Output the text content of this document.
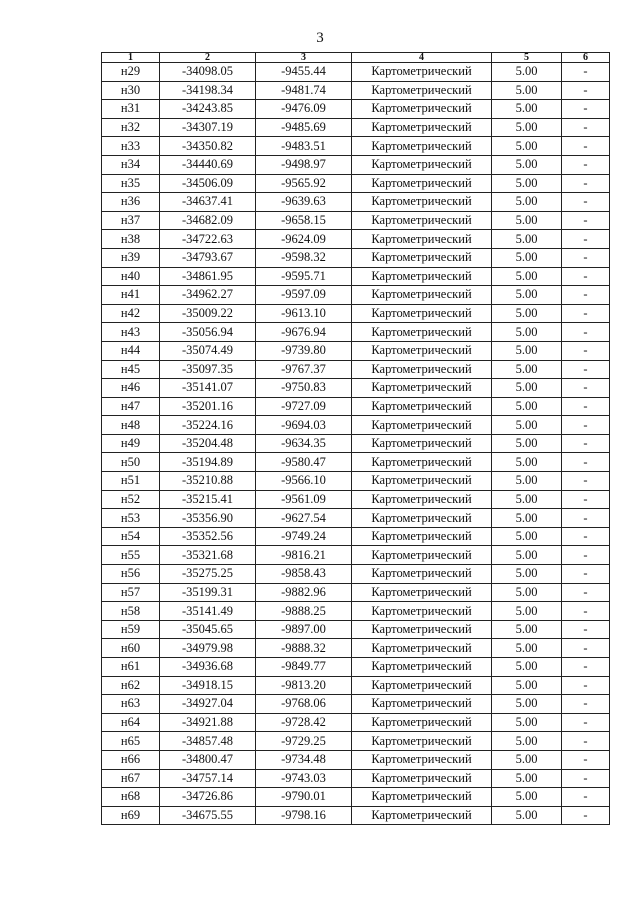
3
1	2	3	4	5	6
н29	-34098.05	-9455.44	Картометрический	5.00	-
н30	-34198.34	-9481.74	Картометрический	5.00	-
н31	-34243.85	-9476.09	Картометрический	5.00	-
н32	-34307.19	-9485.69	Картометрический	5.00	-
н33	-34350.82	-9483.51	Картометрический	5.00	-
н34	-34440.69	-9498.97	Картометрический	5.00	-
н35	-34506.09	-9565.92	Картометрический	5.00	-
н36	-34637.41	-9639.63	Картометрический	5.00	-
н37	-34682.09	-9658.15	Картометрический	5.00	-
н38	-34722.63	-9624.09	Картометрический	5.00	-
н39	-34793.67	-9598.32	Картометрический	5.00	-
н40	-34861.95	-9595.71	Картометрический	5.00	-
н41	-34962.27	-9597.09	Картометрический	5.00	-
н42	-35009.22	-9613.10	Картометрический	5.00	-
н43	-35056.94	-9676.94	Картометрический	5.00	-
н44	-35074.49	-9739.80	Картометрический	5.00	-
н45	-35097.35	-9767.37	Картометрический	5.00	-
н46	-35141.07	-9750.83	Картометрический	5.00	-
н47	-35201.16	-9727.09	Картометрический	5.00	-
н48	-35224.16	-9694.03	Картометрический	5.00	-
н49	-35204.48	-9634.35	Картометрический	5.00	-
н50	-35194.89	-9580.47	Картометрический	5.00	-
н51	-35210.88	-9566.10	Картометрический	5.00	-
н52	-35215.41	-9561.09	Картометрический	5.00	-
н53	-35356.90	-9627.54	Картометрический	5.00	-
н54	-35352.56	-9749.24	Картометрический	5.00	-
н55	-35321.68	-9816.21	Картометрический	5.00	-
н56	-35275.25	-9858.43	Картометрический	5.00	-
н57	-35199.31	-9882.96	Картометрический	5.00	-
н58	-35141.49	-9888.25	Картометрический	5.00	-
н59	-35045.65	-9897.00	Картометрический	5.00	-
н60	-34979.98	-9888.32	Картометрический	5.00	-
н61	-34936.68	-9849.77	Картометрический	5.00	-
н62	-34918.15	-9813.20	Картометрический	5.00	-
н63	-34927.04	-9768.06	Картометрический	5.00	-
н64	-34921.88	-9728.42	Картометрический	5.00	-
н65	-34857.48	-9729.25	Картометрический	5.00	-
н66	-34800.47	-9734.48	Картометрический	5.00	-
н67	-34757.14	-9743.03	Картометрический	5.00	-
н68	-34726.86	-9790.01	Картометрический	5.00	-
н69	-34675.55	-9798.16	Картометрический	5.00	-
